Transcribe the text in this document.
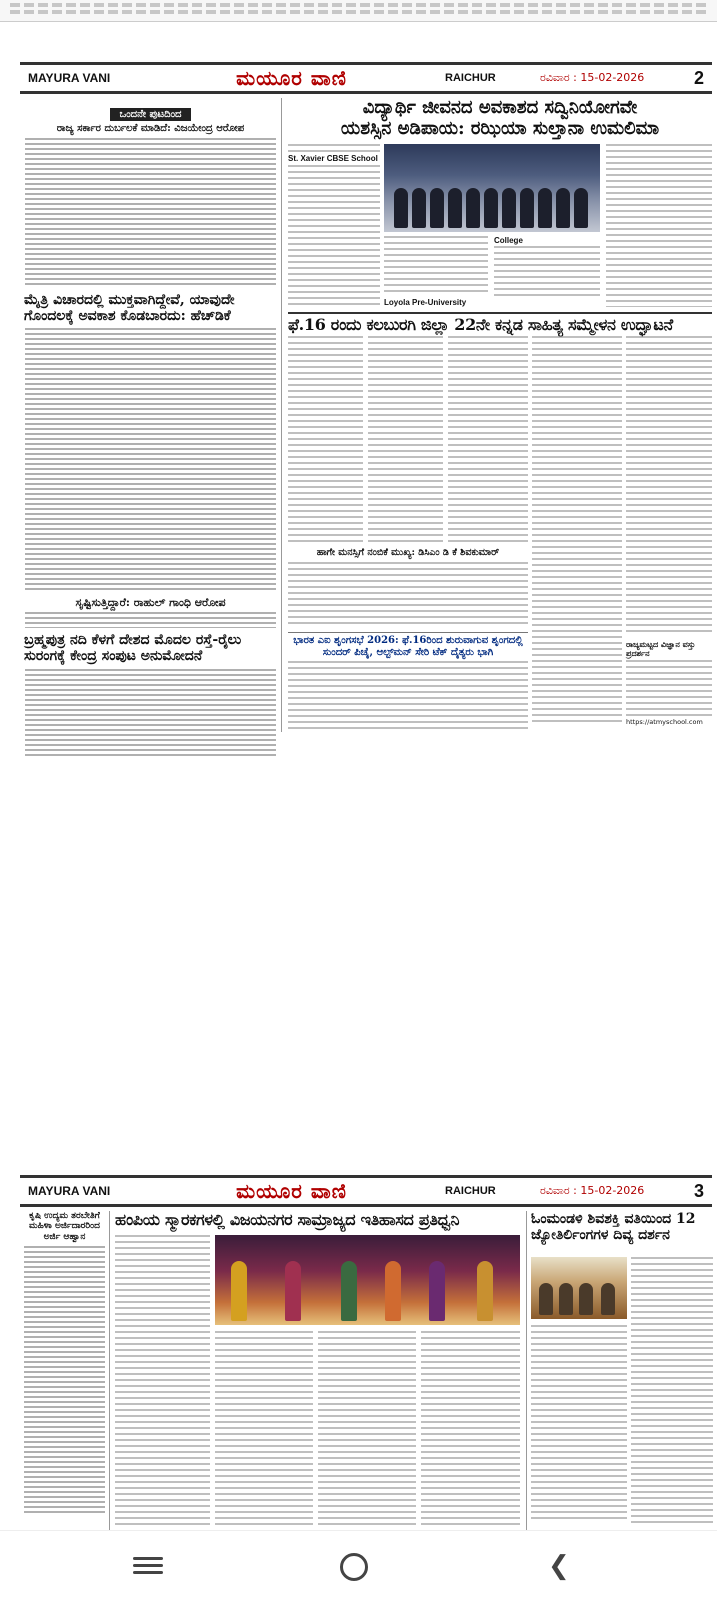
MAYURA VANI	ಮಯೂರ ವಾಣಿ	RAICHUR	ರವಿವಾರ : 15-02-2026	2
ಒಂದನೇ ಪುಟದಿಂದ
ರಾಜ್ಯ ಸರ್ಕಾರ ದುರ್ಬಲಕೆ ಮಾಡಿದೆ: ವಿಜಯೇಂದ್ರ ಆರೋಪ
ಮೈತ್ರಿ ವಿಚಾರದಲ್ಲಿ ಮುಕ್ತವಾಗಿದ್ದೇವೆ, ಯಾವುದೇ ಗೊಂದಲಕ್ಕೆ ಅವಕಾಶ ಕೊಡಬಾರದು: ಹೆಚ್‌ಡಿಕೆ
ಸೃಷ್ಟಿಸುತ್ತಿದ್ದಾರೆ: ರಾಹುಲ್ ಗಾಂಧಿ ಆರೋಪ
ಬ್ರಹ್ಮಪುತ್ರ ನದಿ ಕೆಳಗೆ ದೇಶದ ಮೊದಲ ರಸ್ತೆ-ರೈಲು ಸುರಂಗಕ್ಕೆ ಕೇಂದ್ರ ಸಂಪುಟ ಅನುಮೋದನೆ
ವಿದ್ಯಾರ್ಥಿ ಜೀವನದ ಅವಕಾಶದ ಸದ್ವಿನಿಯೋಗವೇ
ಯಶಸ್ಸಿನ ಅಡಿಪಾಯ: ರಝಿಯಾ ಸುಲ್ತಾನಾ ಉಮಲಿಮಾ
St. Xavier CBSE School
College
Loyola Pre-University
ಫೆ.16 ರಂದು ಕಲಬುರಗಿ ಜಿಲ್ಲಾ 22ನೇ ಕನ್ನಡ ಸಾಹಿತ್ಯ ಸಮ್ಮೇಳನ ಉದ್ಘಾಟನೆ
ಹಾಗೇ ಮನಸ್ಸಿಗೆ ನಂಬಿಕೆ ಮುಖ್ಯ: ಡಿಸಿಎಂ ಡಿ ಕೆ ಶಿವಕುಮಾರ್
ಭಾರತ ಎಐ ಶೃಂಗಸಭೆ 2026: ಫೆ.16ರಿಂದ ಶುರುವಾಗುವ ಶೃಂಗದಲ್ಲಿ ಸುಂದರ್ ಪಿಚೈ, ಆಲ್ಟ್‌ಮನ್ ಸೇರಿ ಟೆಕ್ ದೈತ್ಯರು ಭಾಗಿ
ರಾಜ್ಯಮಟ್ಟದ ವಿಜ್ಞಾನ ವಸ್ತು ಪ್ರದರ್ಶನ
https://atmyschool.com
MAYURA VANI	ಮಯೂರ ವಾಣಿ	RAICHUR	ರವಿವಾರ : 15-02-2026	3
ಕೃಷಿ ಉದ್ಯಮ ತರಬೇತಿಗೆ ಮಹಿಳಾ ಅರ್ಜಿದಾರರಿಂದ ಅರ್ಜಿ ಆಹ್ವಾನ
ಹಂಪಿಯ ಸ್ಮಾರಕಗಳಲ್ಲಿ ವಿಜಯನಗರ ಸಾಮ್ರಾಜ್ಯದ ಇತಿಹಾಸದ ಪ್ರತಿಧ್ವನಿ	ಓಂಮಂಡಳಿ ಶಿವಶಕ್ತಿ ವತಿಯಿಂದ 12 ಜ್ಯೋತಿರ್ಲಿಂಗಗಳ ದಿವ್ಯ ದರ್ಶನ
❮
